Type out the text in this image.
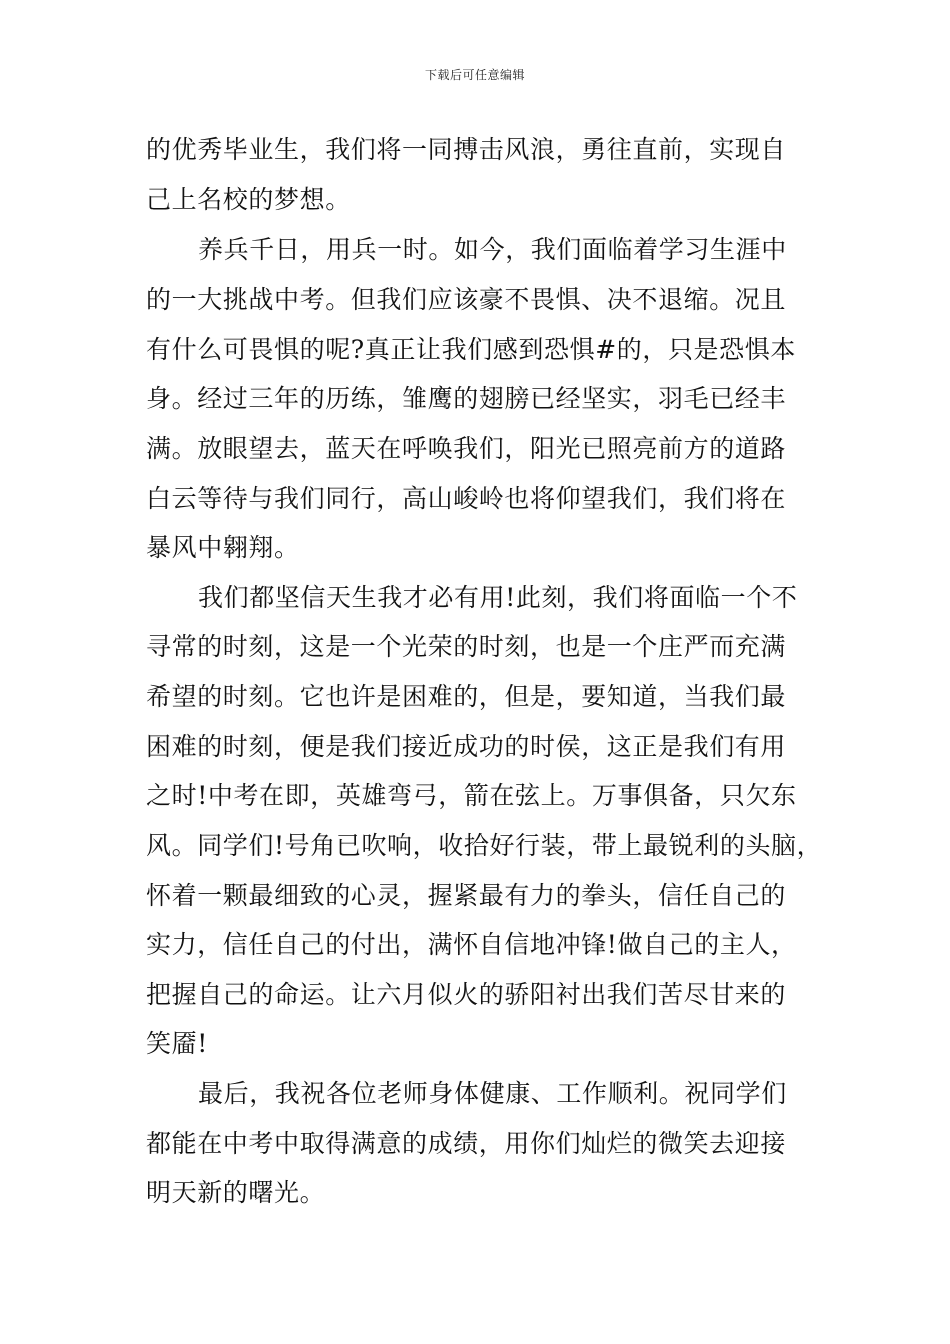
下载后可任意编辑
的优秀毕业生，我们将一同搏击风浪，勇往直前，实现自
己上名校的梦想。
养兵千日，用兵一时。如今，我们面临着学习生涯中
的一大挑战中考。但我们应该豪不畏惧、决不退缩。况且
有什么可畏惧的呢?真正让我们感到恐惧#的，只是恐惧本
身。经过三年的历练，雏鹰的翅膀已经坚实，羽毛已经丰
满。放眼望去，蓝天在呼唤我们，阳光已照亮前方的道路
白云等待与我们同行，高山峻岭也将仰望我们，我们将在
暴风中翱翔。
我们都坚信天生我才必有用!此刻，我们将面临一个不
寻常的时刻，这是一个光荣的时刻，也是一个庄严而充满
希望的时刻。它也许是困难的，但是，要知道，当我们最
困难的时刻，便是我们接近成功的时侯，这正是我们有用
之时!中考在即，英雄弯弓，箭在弦上。万事俱备，只欠东
风。同学们!号角已吹响，收拾好行装，带上最锐利的头脑，
怀着一颗最细致的心灵，握紧最有力的拳头，信任自己的
实力，信任自己的付出，满怀自信地冲锋!做自己的主人，
把握自己的命运。让六月似火的骄阳衬出我们苦尽甘来的
笑靥!
最后，我祝各位老师身体健康、工作顺利。祝同学们
都能在中考中取得满意的成绩，用你们灿烂的微笑去迎接
明天新的曙光。
